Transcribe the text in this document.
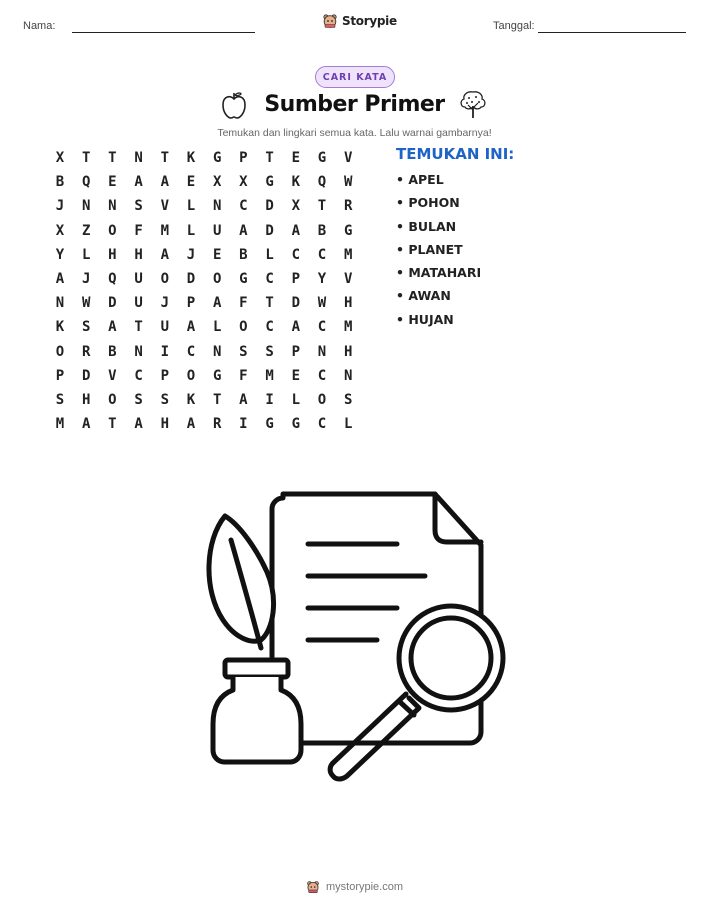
Nama:	Storypie	Tanggal:
CARI KATA
Sumber Primer
Temukan dan lingkari semua kata. Lalu warnai gambarnya!
X	T	T	N	T	K	G	P	T	E	G	V
B	Q	E	A	A	E	X	X	G	K	Q	W
J	N	N	S	V	L	N	C	D	X	T	R
X	Z	O	F	M	L	U	A	D	A	B	G
Y	L	H	H	A	J	E	B	L	C	C	M
A	J	Q	U	O	D	O	G	C	P	Y	V
N	W	D	U	J	P	A	F	T	D	W	H
K	S	A	T	U	A	L	O	C	A	C	M
O	R	B	N	I	C	N	S	S	P	N	H
P	D	V	C	P	O	G	F	M	E	C	N
S	H	O	S	S	K	T	A	I	L	O	S
M	A	T	A	H	A	R	I	G	G	C	L
TEMUKAN INI:
• APEL
• POHON
• BULAN
• PLANET
• MATAHARI
• AWAN
• HUJAN
mystorypie.com
